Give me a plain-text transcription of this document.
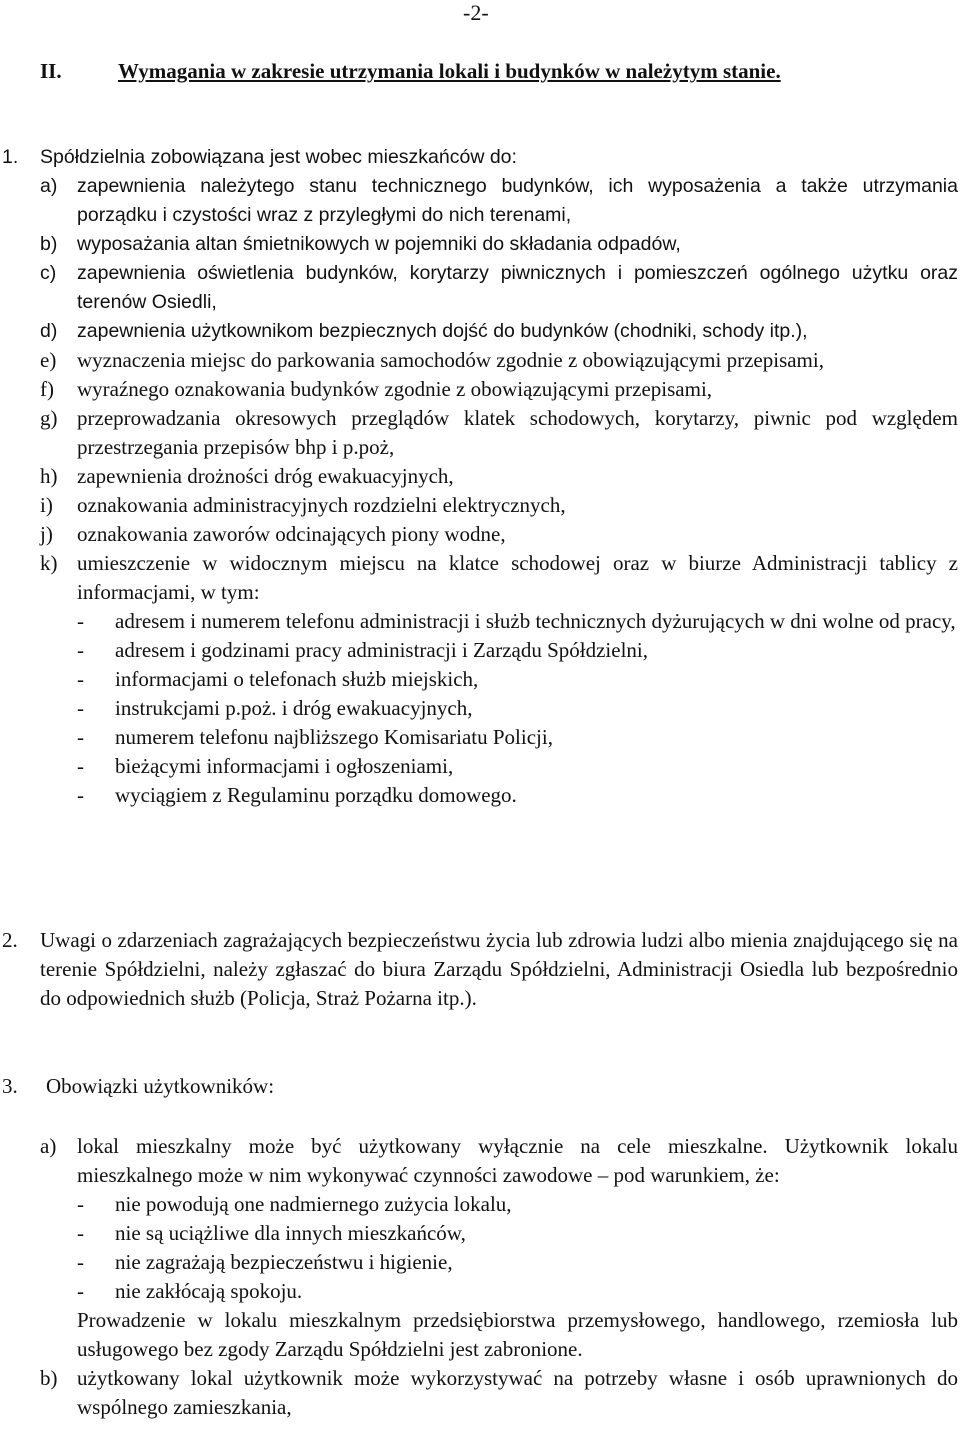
-2-
II.	Wymagania w zakresie utrzymania lokali i budynków w należytym stanie.
1. Spółdzielnia zobowiązana jest wobec mieszkańców do:
a) zapewnienia należytego stanu technicznego budynków, ich wyposażenia a także utrzymania porządku i czystości wraz z przyległymi do nich terenami,
b) wyposażania altan śmietnikowych w pojemniki do składania odpadów,
c) zapewnienia oświetlenia budynków, korytarzy piwnicznych i pomieszczeń ogólnego użytku oraz terenów Osiedli,
d) zapewnienia użytkownikom bezpiecznych dojść do budynków (chodniki, schody itp.),
e) wyznaczenia miejsc do parkowania samochodów zgodnie z obowiązującymi przepisami,
f) wyraźnego oznakowania budynków zgodnie z obowiązującymi przepisami,
g) przeprowadzania okresowych przeglądów klatek schodowych, korytarzy, piwnic pod względem przestrzegania przepisów bhp i p.poż,
h) zapewnienia drożności dróg ewakuacyjnych,
i) oznakowania administracyjnych rozdzielni elektrycznych,
j) oznakowania zaworów odcinających piony wodne,
k) umieszczenie w widocznym miejscu na klatce schodowej oraz w biurze Administracji tablicy z informacjami, w tym:
- adresem i numerem telefonu administracji i służb technicznych dyżurujących w dni wolne od pracy,
- adresem i godzinami pracy administracji i Zarządu Spółdzielni,
- informacjami o telefonach służb miejskich,
- instrukcjami p.poż. i dróg ewakuacyjnych,
- numerem telefonu najbliższego Komisariatu Policji,
- bieżącymi informacjami i ogłoszeniami,
- wyciągiem z Regulaminu porządku domowego.
2. Uwagi o zdarzeniach zagrażających bezpieczeństwu życia lub zdrowia ludzi albo mienia znajdującego się na terenie Spółdzielni, należy zgłaszać do biura Zarządu Spółdzielni, Administracji Osiedla lub bezpośrednio do odpowiednich służb (Policja, Straż Pożarna itp.).
3. Obowiązki użytkowników:
a) lokal mieszkalny może być użytkowany wyłącznie na cele mieszkalne. Użytkownik lokalu mieszkalnego może w nim wykonywać czynności zawodowe – pod warunkiem, że:
- nie powodują one nadmiernego zużycia lokalu,
- nie są uciążliwe dla innych mieszkańców,
- nie zagrażają bezpieczeństwu i higienie,
- nie zakłócają spokoju.
Prowadzenie w lokalu mieszkalnym przedsiębiorstwa przemysłowego, handlowego, rzemiosła lub usługowego bez zgody Zarządu Spółdzielni jest zabronione.
b) użytkowany lokal użytkownik może wykorzystywać na potrzeby własne i osób uprawnionych do wspólnego zamieszkania,
